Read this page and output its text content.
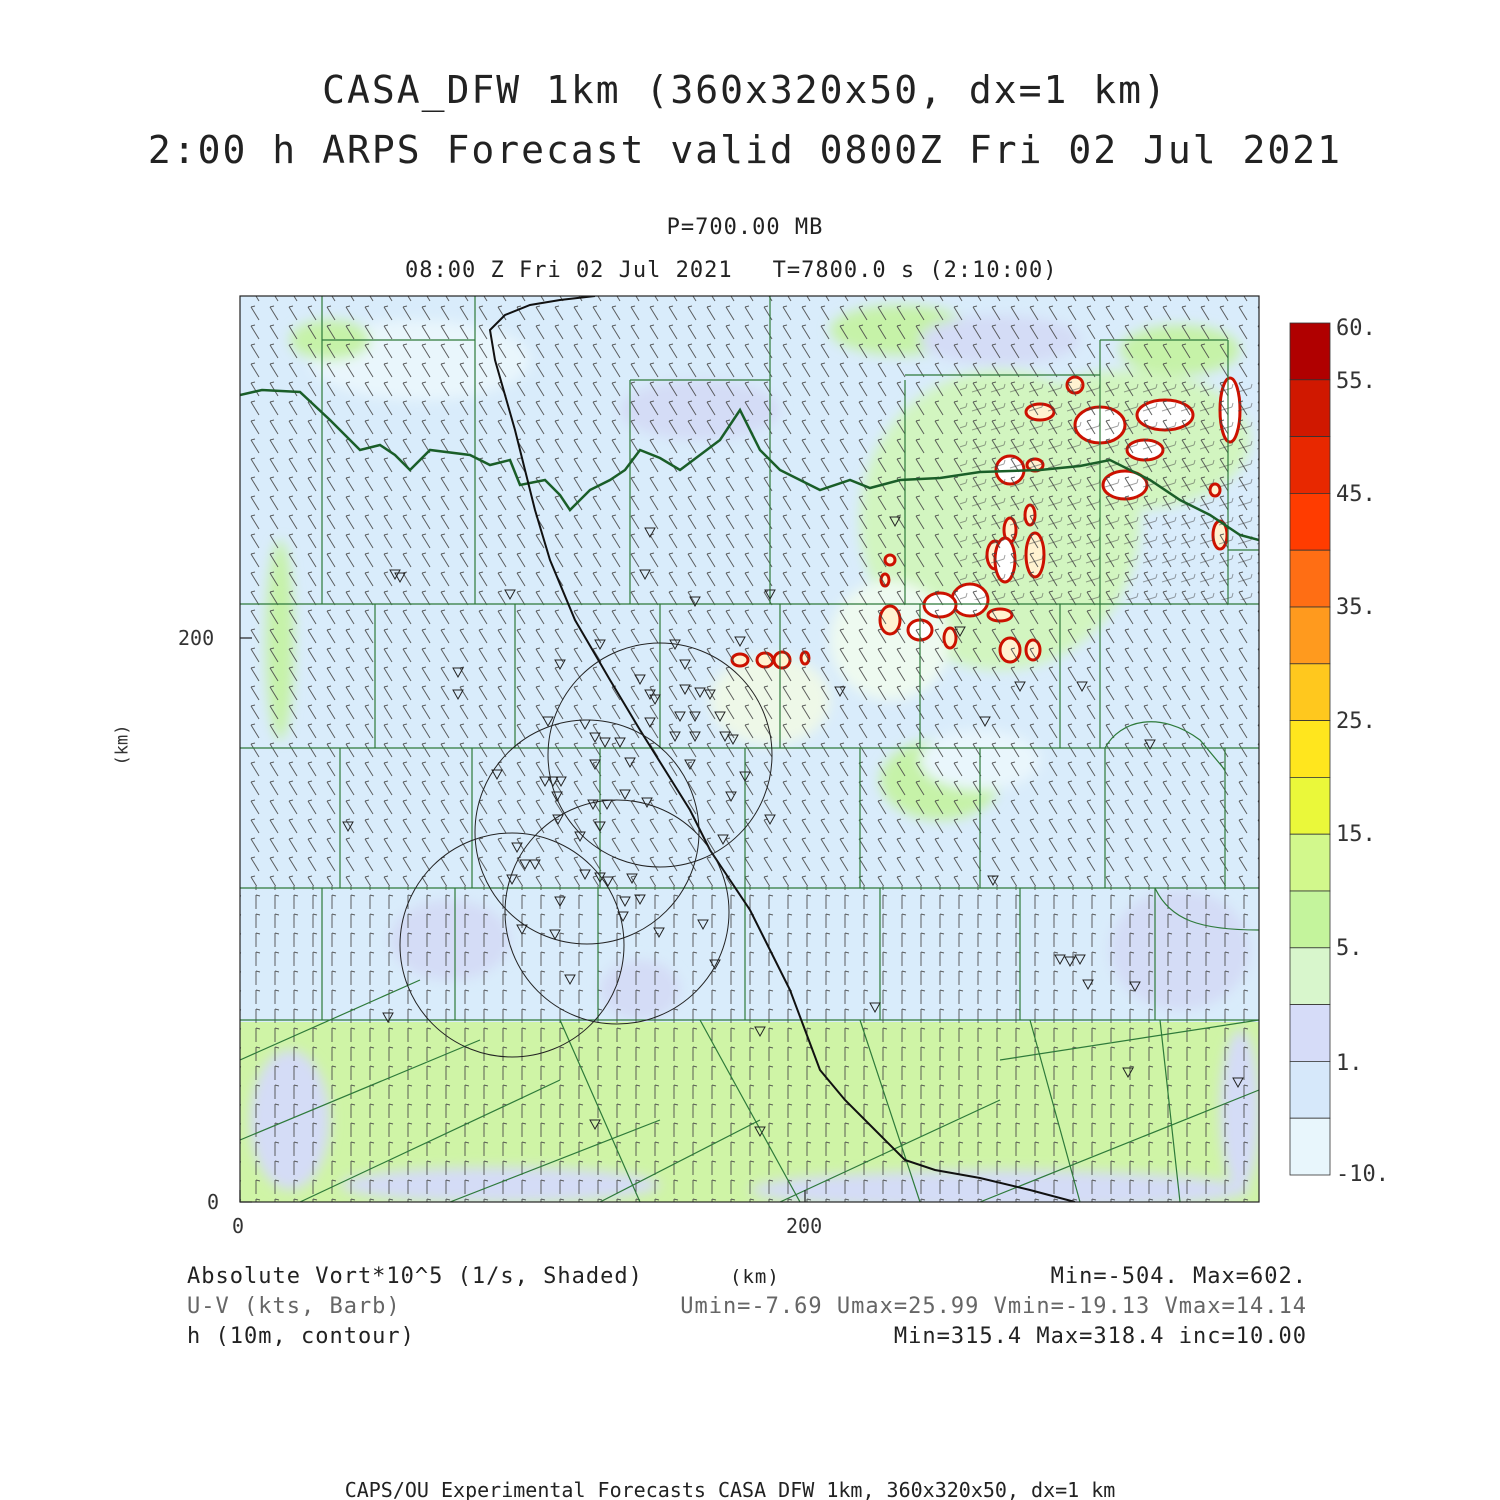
CASA_DFW 1km (360x320x50, dx=1 km)
2:00 h ARPS Forecast valid 0800Z Fri 02 Jul 2021
P=700.00 MB
08:00 Z Fri 02 Jul 2021 T=7800.0 s (2:10:00)
200
0
0	200
(km)
60.
55.
45.
35.
25.
15.
5.
1.
-10.
Absolute Vort*10^5 (1/s, Shaded)	(km)	Min=-504. Max=602.
U-V (kts, Barb)	Umin=-7.69 Umax=25.99 Vmin=-19.13 Vmax=14.14
h (10m, contour)	Min=315.4 Max=318.4 inc=10.00
CAPS/OU Experimental Forecasts CASA DFW 1km, 360x320x50, dx=1 km
